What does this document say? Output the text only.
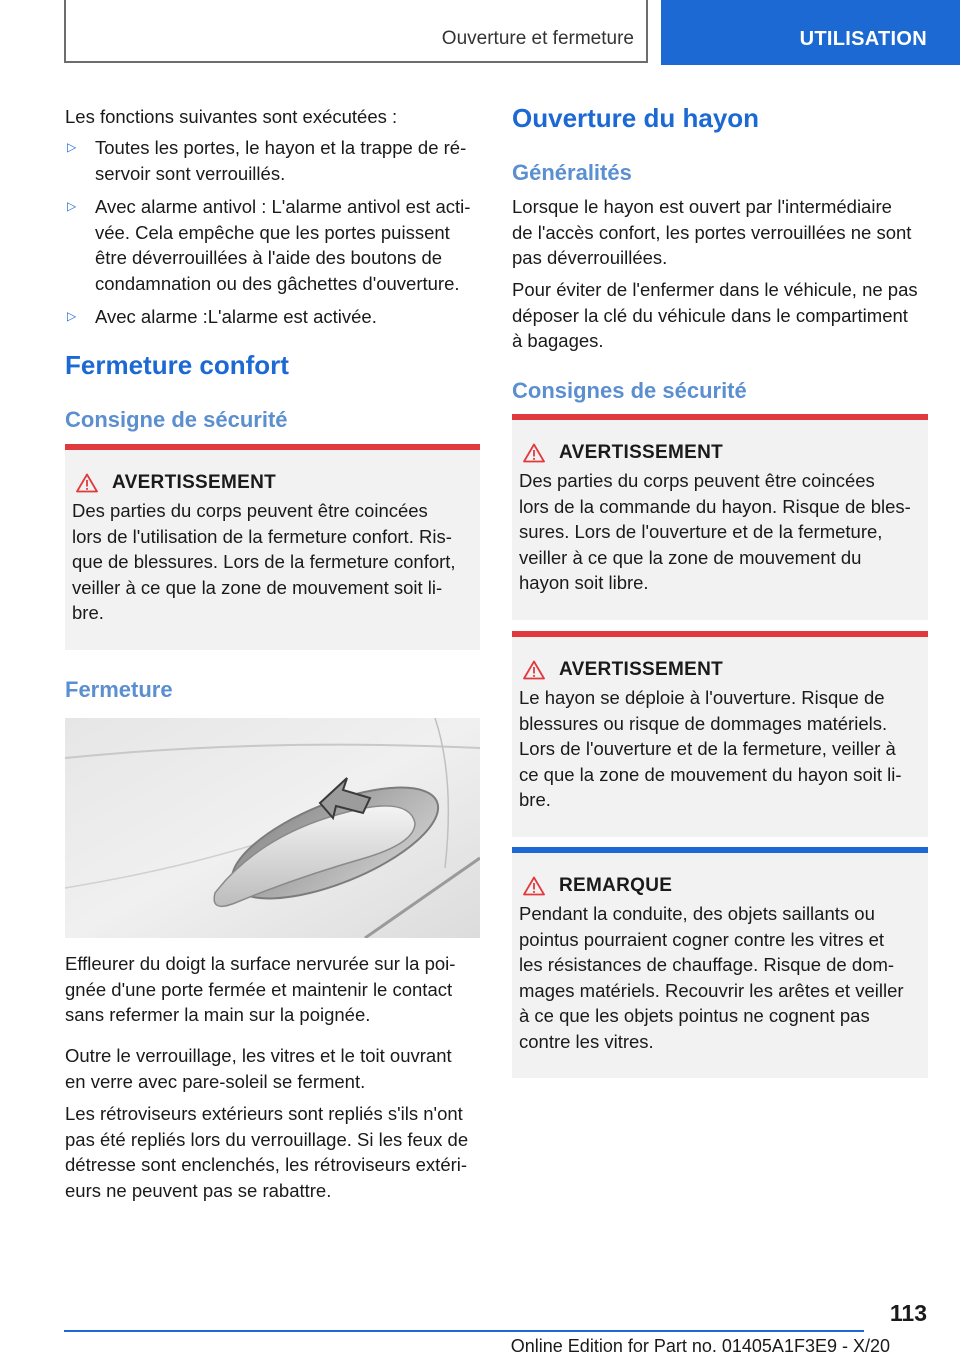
Ouverture et fermeture	UTILISATION
Les fonctions suivantes sont exécutées :
▷	Toutes les portes, le hayon et la trappe de ré-
servoir sont verrouillés.
▷	Avec alarme antivol : L'alarme antivol est acti-
vée. Cela empêche que les portes puissent
être déverrouillées à l'aide des boutons de
condamnation ou des gâchettes d'ouverture.
▷	Avec alarme :L'alarme est activée.
Fermeture confort
Consigne de sécurité
AVERTISSEMENT
Des parties du corps peuvent être coincées
lors de l'utilisation de la fermeture confort. Ris-
que de blessures. Lors de la fermeture confort,
veiller à ce que la zone de mouvement soit li-
bre.
Fermeture
Effleurer du doigt la surface nervurée sur la poi-
gnée d'une porte fermée et maintenir le contact
sans refermer la main sur la poignée.
Outre le verrouillage, les vitres et le toit ouvrant
en verre avec pare-soleil se ferment.
Les rétroviseurs extérieurs sont repliés s'ils n'ont
pas été repliés lors du verrouillage. Si les feux de
détresse sont enclenchés, les rétroviseurs extéri-
eurs ne peuvent pas se rabattre.
Ouverture du hayon
Généralités
Lorsque le hayon est ouvert par l'intermédiaire
de l'accès confort, les portes verrouillées ne sont
pas déverrouillées.
Pour éviter de l'enfermer dans le véhicule, ne pas
déposer la clé du véhicule dans le compartiment
à bagages.
Consignes de sécurité
AVERTISSEMENT
Des parties du corps peuvent être coincées
lors de la commande du hayon. Risque de bles-
sures. Lors de l'ouverture et de la fermeture,
veiller à ce que la zone de mouvement du
hayon soit libre.
AVERTISSEMENT
Le hayon se déploie à l'ouverture. Risque de
blessures ou risque de dommages matériels.
Lors de l'ouverture et de la fermeture, veiller à
ce que la zone de mouvement du hayon soit li-
bre.
REMARQUE
Pendant la conduite, des objets saillants ou
pointus pourraient cogner contre les vitres et
les résistances de chauffage. Risque de dom-
mages matériels. Recouvrir les arêtes et veiller
à ce que les objets pointus ne cognent pas
contre les vitres.
113
Online Edition for Part no. 01405A1F3E9 - X/20
